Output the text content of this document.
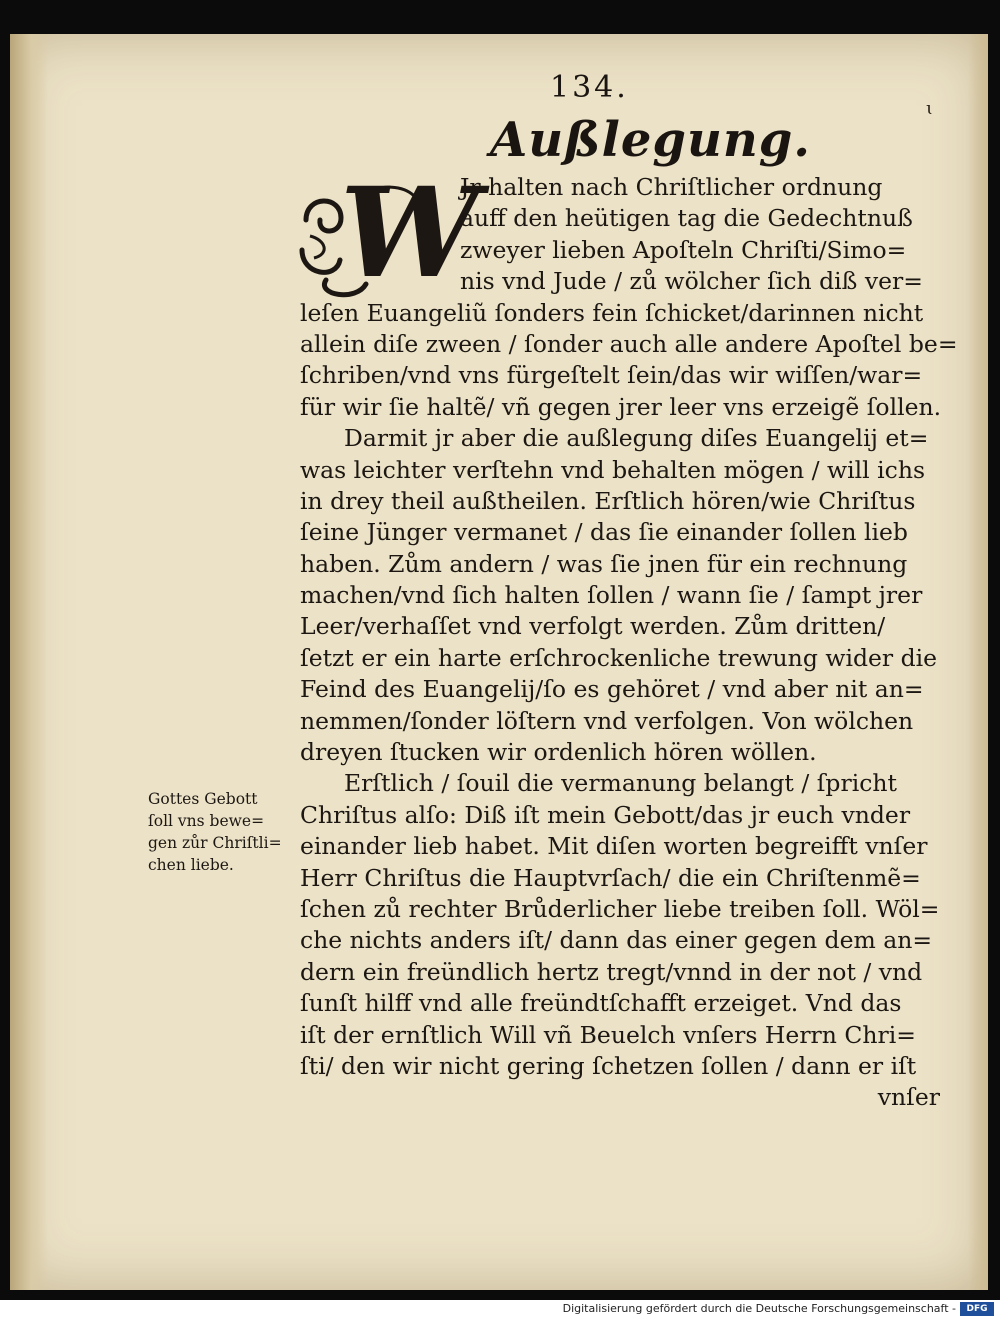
134.
ɩ
Außlegung.
W
Jr halten nach Chriſtlicher ordnung
auff den heütigen tag die Gedechtnuß
zweyer lieben Apoſteln Chriſti/Simo=
nis vnd Jude / zů wölcher ſich diß ver=
leſen Euangeliũ ſonders fein ſchicket/darinnen nicht
allein diſe zween / ſonder auch alle andere Apoſtel be=
ſchriben/vnd vns fürgeſtelt ſein/das wir wiſſen/war=
für wir ſie haltẽ/ vñ gegen jrer leer vns erzeigẽ ſollen.
Darmit jr aber die außlegung diſes Euangelij et=
was leichter verſtehn vnd behalten mögen / will ichs
in drey theil außtheilen. Erſtlich hören/wie Chriſtus
ſeine Jünger vermanet / das ſie einander ſollen lieb
haben. Zům andern / was ſie jnen für ein rechnung
machen/vnd ſich halten ſollen / wann ſie / ſampt jrer
Leer/verhaſſet vnd verfolgt werden. Zům dritten/
ſetzt er ein harte erſchrockenliche trewung wider die
Feind des Euangelij/ſo es gehöret / vnd aber nit an=
nemmen/ſonder löſtern vnd verfolgen. Von wölchen
dreyen ſtucken wir ordenlich hören wöllen.
Erſtlich / ſouil die vermanung belangt / ſpricht
Chriſtus alſo: Diß iſt mein Gebott/das jr euch vnder
einander lieb habet. Mit diſen worten begreifft vnſer
Herr Chriſtus die Hauptvrſach/ die ein Chriſtenmẽ=
ſchen zů rechter Brůderlicher liebe treiben ſoll. Wöl=
che nichts anders iſt/ dann das einer gegen dem an=
dern ein freündlich hertz tregt/vnnd in der not / vnd
ſunſt hilff vnd alle freündtſchafft erzeiget. Vnd das
iſt der ernſtlich Will vñ Beuelch vnſers Herrn Chri=
ſti/ den wir nicht gering ſchetzen ſollen / dann er iſt
vnſer
Gottes Gebott
ſoll vns bewe=
gen zůr Chriſtli=
chen liebe.
Digitalisierung gefördert durch die Deutsche Forschungsgemeinschaft -	DFG
